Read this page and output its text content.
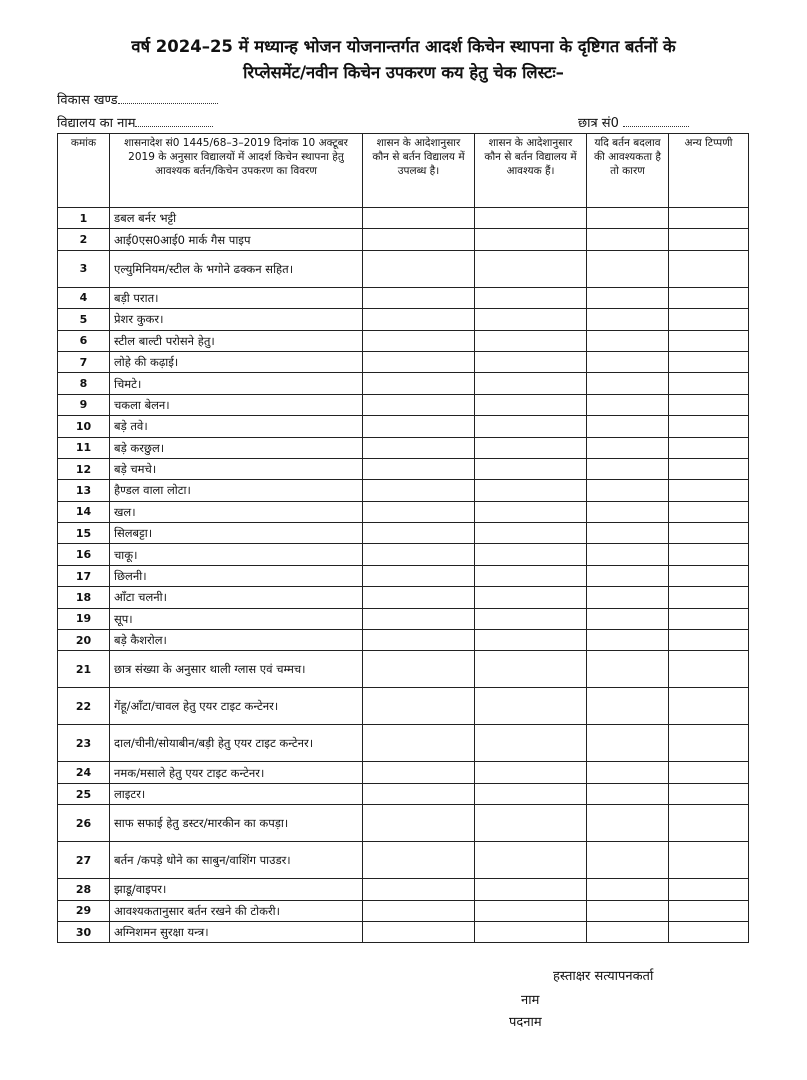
वर्ष 2024–25 में मध्यान्ह भोजन योजनान्तर्गत आदर्श किचेन स्थापना के दृष्टिगत बर्तनों के
रिप्लेसमेंट/नवीन किचेन उपकरण कय हेतु चेक लिस्टः–
विकास खण्ड
विद्यालय का नाम	छात्र सं0
कमांक	शासनादेश सं0 1445/68–3–2019 दिनांक 10 अक्टूबर 2019 के अनुसार विद्यालयों में आदर्श किचेन स्थापना हेतु आवश्यक बर्तन/किचेन उपकरण का विवरण	शासन के आदेशानुसार कौन से बर्तन विद्यालय में उपलब्ध है।	शासन के आदेशानुसार कौन से बर्तन विद्यालय में आवश्यक हैं।	यदि बर्तन बदलाव की आवश्यकता है तो कारण	अन्य टिप्पणी
1	डबल बर्नर भट्टी				
2	आई0एस0आई0 मार्क गैस पाइप				
3	एल्युमिनियम/स्टील के भगोने ढक्कन सहित।				
4	बड़ी परात।				
5	प्रेशर कुकर।				
6	स्टील बाल्टी परोसने हेतु।				
7	लोहे की कढ़ाई।				
8	चिमटे।				
9	चकला बेलन।				
10	बड़े तवे।				
11	बड़े करछुल।				
12	बड़े चमचे।				
13	हैण्डल वाला लोटा।				
14	खल।				
15	सिलबट्टा।				
16	चाकू।				
17	छिलनी।				
18	आँटा चलनी।				
19	सूप।				
20	बड़े कैशरोल।				
21	छात्र संख्या के अनुसार थाली ग्लास एवं चम्मच।				
22	गेंहू/आँटा/चावल हेतु एयर टाइट कन्टेनर।				
23	दाल/चीनी/सोयाबीन/बड़ी हेतु एयर टाइट कन्टेनर।				
24	नमक/मसाले हेतु एयर टाइट कन्टेनर।				
25	लाइटर।				
26	साफ सफाई हेतु डस्टर/मारकीन का कपड़ा।				
27	बर्तन /कपड़े धोने का साबुन/वाशिंग पाउडर।				
28	झाडू/वाइपर।				
29	आवश्यकतानुसार बर्तन रखने की टोकरी।				
30	अग्निशमन सुरक्षा यन्त्र।				
हस्ताक्षर सत्यापनकर्ता
नाम
पदनाम
